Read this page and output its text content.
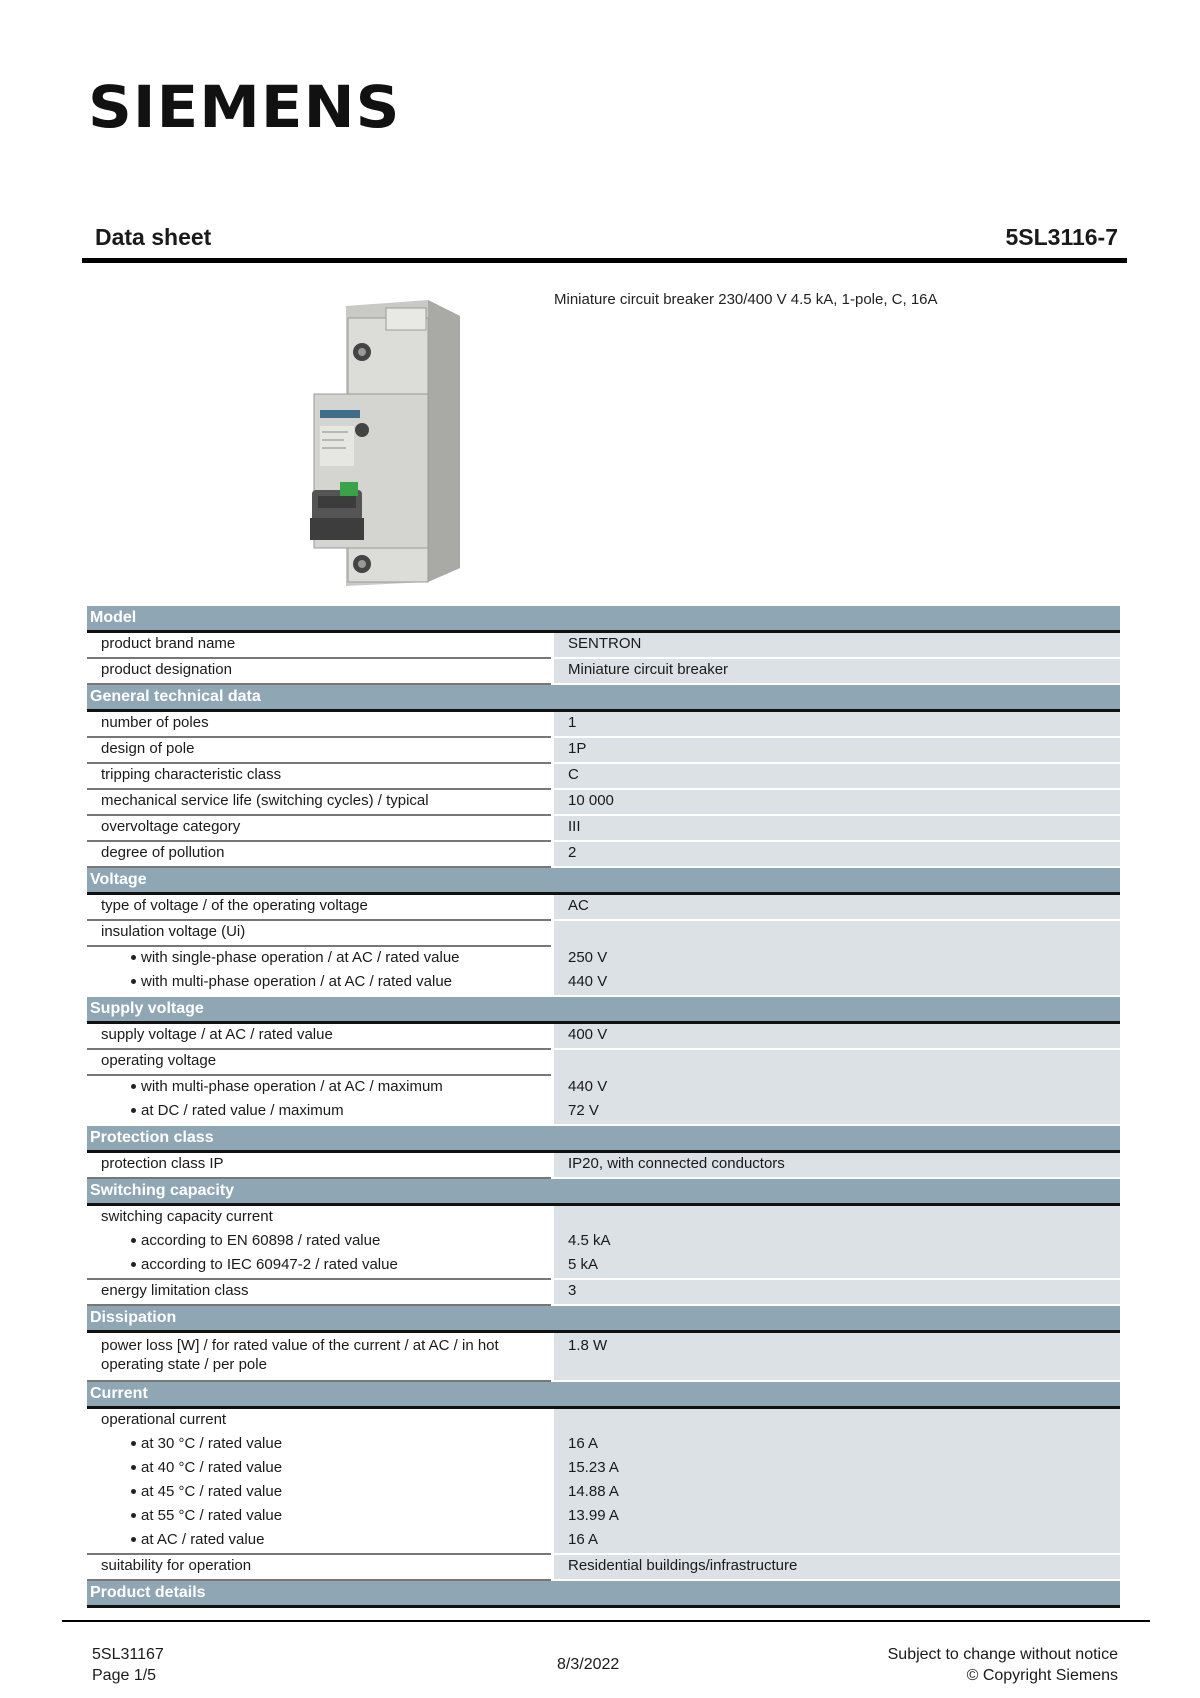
SIEMENS
Data sheet	5SL3116-7
Miniature circuit breaker 230/400 V 4.5 kA, 1-pole, C, 16A
Model		
product brand name		SENTRON
product designation		Miniature circuit breaker
General technical data		
number of poles		1
design of pole		1P
tripping characteristic class		C
mechanical service life (switching cycles) / typical		10 000
overvoltage category		III
degree of pollution		2
Voltage		
type of voltage / of the operating voltage		AC
insulation voltage (Ui)		
with single-phase operation / at AC / rated value		250 V
with multi-phase operation / at AC / rated value		440 V
Supply voltage		
supply voltage / at AC / rated value		400 V
operating voltage		
with multi-phase operation / at AC / maximum		440 V
at DC / rated value / maximum		72 V
Protection class		
protection class IP		IP20, with connected conductors
Switching capacity		
switching capacity current		
according to EN 60898 / rated value		4.5 kA
according to IEC 60947-2 / rated value		5 kA
energy limitation class		3
Dissipation		
power loss [W] / for rated value of the current / at AC / in hot operating state / per pole		1.8 W
Current		
operational current		
at 30 °C / rated value		16 A
at 40 °C / rated value		15.23 A
at 45 °C / rated value		14.88 A
at 55 °C / rated value		13.99 A
at AC / rated value		16 A
suitability for operation		Residential buildings/infrastructure
Product details		
5SL31167
Page 1/5
8/3/2022
Subject to change without notice
© Copyright Siemens
